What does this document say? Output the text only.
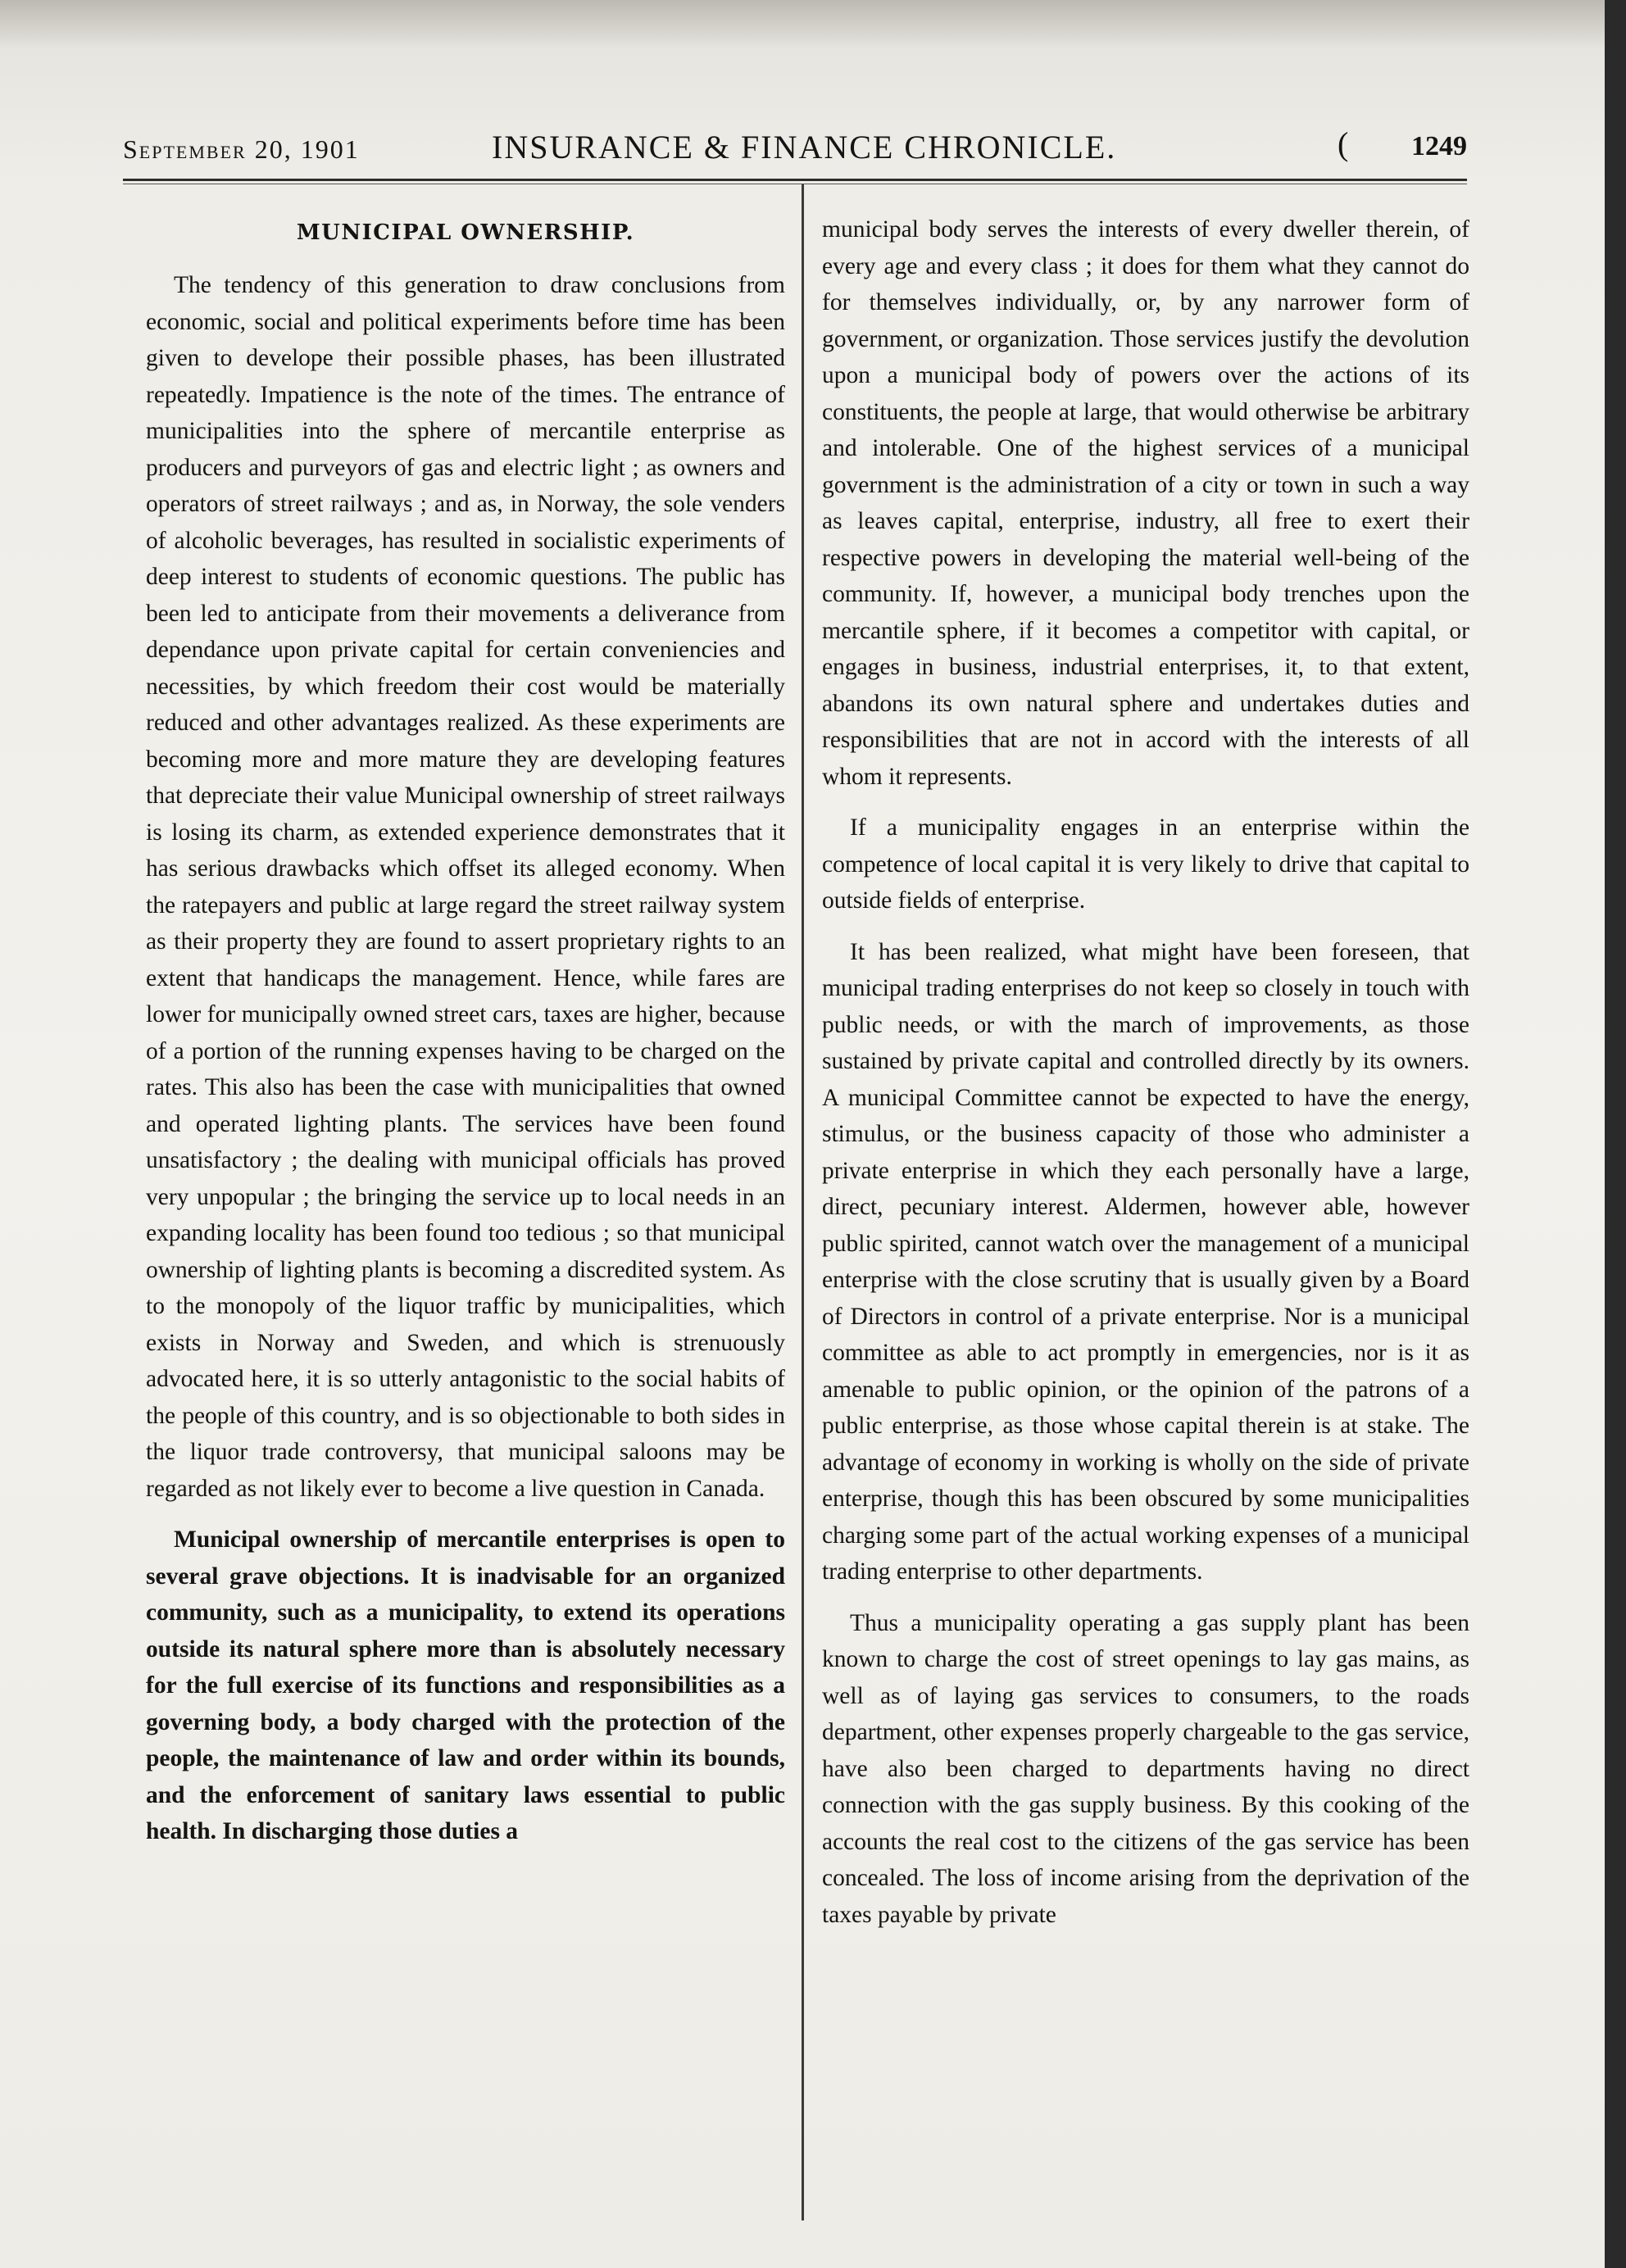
September 20, 1901	INSURANCE & FINANCE CHRONICLE.	( 1249
MUNICIPAL OWNERSHIP.

The tendency of this generation to draw conclusions from economic, social and political experiments before time has been given to develope their possible phases, has been illustrated repeatedly. Impatience is the note of the times. The entrance of municipalities into the sphere of mercantile enterprise as producers and purveyors of gas and electric light ; as owners and operators of street railways ; and as, in Norway, the sole venders of alcoholic beverages, has resulted in socialistic experiments of deep interest to students of economic questions. The public has been led to anticipate from their movements a deliverance from dependance upon private capital for certain conveniencies and necessities, by which freedom their cost would be materially reduced and other advantages realized. As these experiments are becoming more and more mature they are developing features that depreciate their value Municipal ownership of street railways is losing its charm, as extended experience demonstrates that it has serious drawbacks which offset its alleged economy. When the ratepayers and public at large regard the street railway system as their property they are found to assert proprietary rights to an extent that handicaps the management. Hence, while fares are lower for municipally owned street cars, taxes are higher, because of a portion of the running expenses having to be charged on the rates. This also has been the case with municipalities that owned and operated lighting plants. The services have been found unsatisfactory ; the dealing with municipal officials has proved very unpopular ; the bringing the service up to local needs in an expanding locality has been found too tedious ; so that municipal ownership of lighting plants is becoming a discredited system. As to the monopoly of the liquor traffic by municipalities, which exists in Norway and Sweden, and which is strenuously advocated here, it is so utterly antagonistic to the social habits of the people of this country, and is so objectionable to both sides in the liquor trade controversy, that municipal saloons may be regarded as not likely ever to become a live question in Canada.

Municipal ownership of mercantile enterprises is open to several grave objections. It is inadvisable for an organized community, such as a municipality, to extend its operations outside its natural sphere more than is absolutely necessary for the full exercise of its functions and responsibilities as a governing body, a body charged with the protection of the people, the maintenance of law and order within its bounds, and the enforcement of sanitary laws essential to public health. In discharging those duties a

municipal body serves the interests of every dweller therein, of every age and every class ; it does for them what they cannot do for themselves individually, or, by any narrower form of government, or organization. Those services justify the devolution upon a municipal body of powers over the actions of its constituents, the people at large, that would otherwise be arbitrary and intolerable. One of the highest services of a municipal government is the administration of a city or town in such a way as leaves capital, enterprise, industry, all free to exert their respective powers in developing the material well-being of the community. If, however, a municipal body trenches upon the mercantile sphere, if it becomes a competitor with capital, or engages in business, industrial enterprises, it, to that extent, abandons its own natural sphere and undertakes duties and responsibilities that are not in accord with the interests of all whom it represents.

If a municipality engages in an enterprise within the competence of local capital it is very likely to drive that capital to outside fields of enterprise.

It has been realized, what might have been foreseen, that municipal trading enterprises do not keep so closely in touch with public needs, or with the march of improvements, as those sustained by private capital and controlled directly by its owners. A municipal Committee cannot be expected to have the energy, stimulus, or the business capacity of those who administer a private enterprise in which they each personally have a large, direct, pecuniary interest. Aldermen, however able, however public spirited, cannot watch over the management of a municipal enterprise with the close scrutiny that is usually given by a Board of Directors in control of a private enterprise. Nor is a municipal committee as able to act promptly in emergencies, nor is it as amenable to public opinion, or the opinion of the patrons of a public enterprise, as those whose capital therein is at stake. The advantage of economy in working is wholly on the side of private enterprise, though this has been obscured by some municipalities charging some part of the actual working expenses of a municipal trading enterprise to other departments.

Thus a municipality operating a gas supply plant has been known to charge the cost of street openings to lay gas mains, as well as of laying gas services to consumers, to the roads department, other expenses properly chargeable to the gas service, have also been charged to departments having no direct connection with the gas supply business. By this cooking of the accounts the real cost to the citizens of the gas service has been concealed. The loss of income arising from the deprivation of the taxes payable by private
